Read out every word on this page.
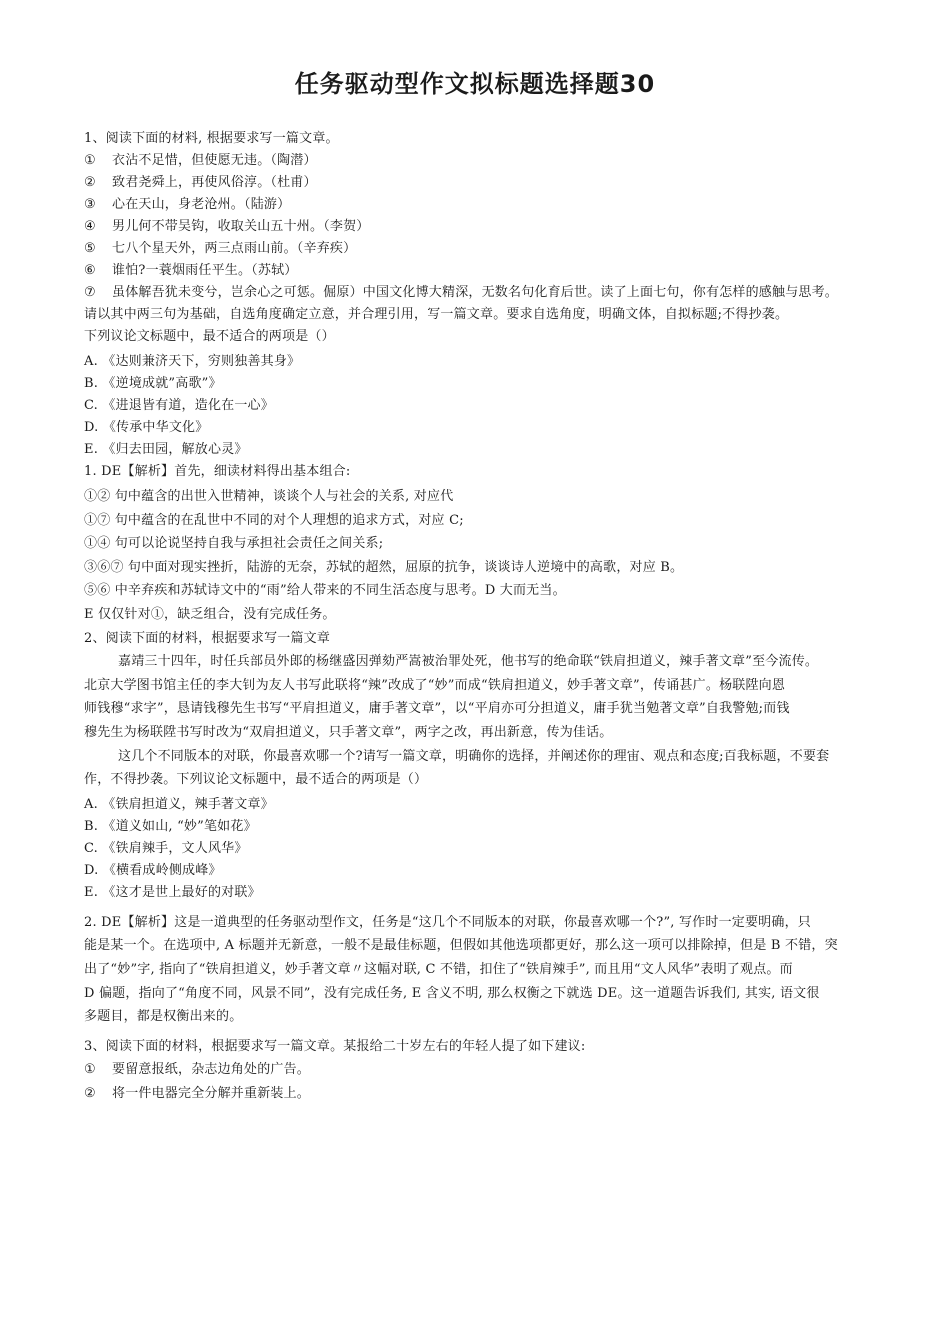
任务驱动型作文拟标题选择题30
1、阅读下面的材料, 根据要求写一篇文章。
① 衣沾不足惜，但使愿无违。（陶潜）
② 致君尧舜上，再使风俗淳。（杜甫）
③ 心在天山，身老沧州。（陆游）
④ 男儿何不带吴钩，收取关山五十州。（李贺）
⑤ 七八个星天外，两三点雨山前。（辛弃疾）
⑥ 谁怕?一蓑烟雨任平生。（苏轼）
⑦ 虽体解吾犹未变兮，岂余心之可惩。倔原）中国文化博大精深，无数名句化育后世。读了上面七句，你有怎样的感触与思考。
请以其中两三句为基础，自选角度确定立意，并合理引用，写一篇文章。要求自选角度，明确文体，自拟标题;不得抄袭。
下列议论文标题中，最不适合的两项是（）
A. 《达则兼济天下，穷则独善其身》
B. 《逆境成就”高歌”》
C. 《进退皆有道，造化在一心》
D. 《传承中华文化》
E. 《归去田园，解放心灵》
1. DE【解析】首先，细读材料得出基本组合:
①② 句中蕴含的出世入世精神，谈谈个人与社会的关系, 对应代
①⑦ 句中蕴含的在乱世中不同的对个人理想的追求方式，对应 C;
①④ 句可以论说坚持自我与承担社会责任之间关系;
③⑥⑦ 句中面对现实挫折，陆游的无奈，苏轼的超然，屈原的抗争，谈谈诗人逆境中的高歌，对应 B。
⑤⑥ 中辛弃疾和苏轼诗文中的“雨”给人带来的不同生活态度与思考。D 大而无当。
E 仅仅针对①，缺乏组合，没有完成任务。
2、阅读下面的材料，根据要求写一篇文章
嘉靖三十四年，时任兵部员外郎的杨继盛因弹劾严嵩被治罪处死，他书写的绝命联“铁肩担道义，辣手著文章”至今流传。
北京大学图书馆主任的李大钊为友人书写此联将“辣”改成了“妙”而成“铁肩担道义，妙手著文章”，传诵甚广。杨联陞向恩
师钱穆“求字”，恳请钱穆先生书写“平肩担道义，庸手著文章”，以“平肩亦可分担道义，庸手犹当勉著文章”自我警勉;而钱
穆先生为杨联陞书写时改为“双肩担道义，只手著文章”，两字之改，再出新意，传为佳话。
这几个不同版本的对联，你最喜欢哪一个?请写一篇文章，明确你的选择，并阐述你的理宙、观点和态度;百我标题，不要套
作，不得抄袭。下列议论文标题中，最不适合的两项是（）
A. 《铁肩担道义，辣手著文章》
B. 《道义如山, “妙”笔如花》
C. 《铁肩辣手，文人风华》
D. 《横看成岭侧成峰》
E. 《这才是世上最好的对联》
2. DE【解析】这是一道典型的任务驱动型作文，任务是“这几个不同版本的对联，你最喜欢哪一个?”, 写作时一定要明确，只
能是某一个。在选项中, A 标题并无新意，一般不是最佳标题，但假如其他选项都更好，那么这一项可以排除掉，但是 B 不错，突
出了“妙”字, 指向了“铁肩担道义，妙手著文章〃这幅对联, C 不错，扣住了“铁肩辣手”, 而且用“文人风华”表明了观点。而
D 偏题，指向了“角度不同，风景不同”，没有完成任务, E 含义不明, 那么权衡之下就选 DE。这一道题告诉我们, 其实, 语文很
多题目，都是权衡出来的。
3、阅读下面的材料，根据要求写一篇文章。某报给二十岁左右的年轻人提了如下建议:
① 要留意报纸，杂志边角处的广告。
② 将一件电器完全分解并重新装上。
